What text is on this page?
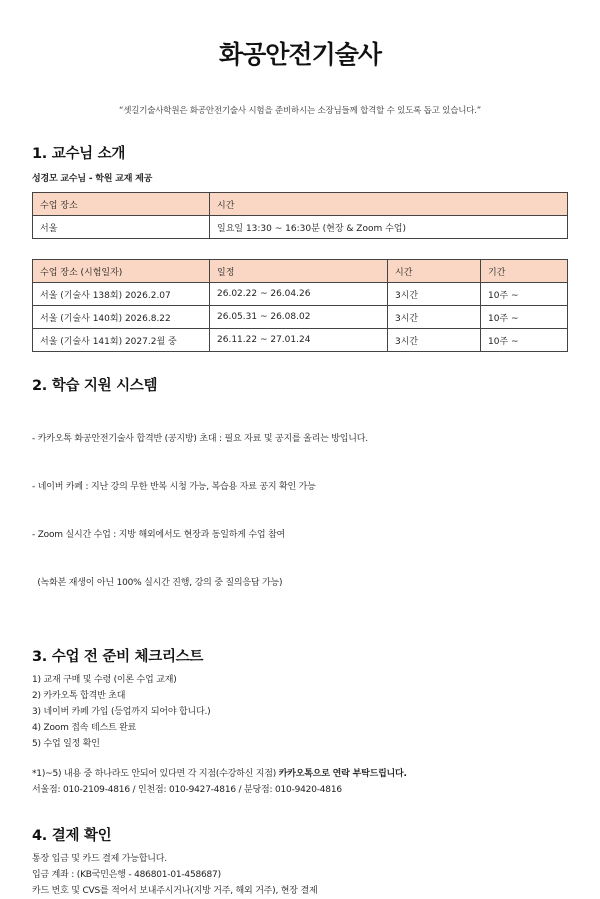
화공안전기술사
“셋길기술사학원은 화공안전기술사 시험을 준비하시는 소장님들께 합격할 수 있도록 돕고 있습니다.”
1. 교수님 소개
성경모 교수님 - 학원 교재 제공
수업 장소	시간
서울	일요일 13:30 ~ 16:30분 (현장 & Zoom 수업)
수업 장소 (시험일자)	일정	시간	기간
서울 (기술사 138회) 2026.2.07	26.02.22 ~ 26.04.26	3시간	10주 ~
서울 (기술사 140회) 2026.8.22	26.05.31 ~ 26.08.02	3시간	10주 ~
서울 (기술사 141회) 2027.2월 중	26.11.22 ~ 27.01.24	3시간	10주 ~
2. 학습 지원 시스템

- 카카오톡 화공안전기술사 합격반 (공지방) 초대 : 필요 자료 및 공지를 올리는 방입니다.

- 네이버 카페 : 지난 강의 무한 반복 시청 가능, 복습용 자료 공지 확인 가능

- Zoom 실시간 수업 : 지방 해외에서도 현장과 동일하게 수업 참여

(녹화본 재생이 아닌 100% 실시간 진행, 강의 중 질의응답 가능)

3. 수업 전 준비 체크리스트
1) 교재 구매 및 수령 (이론 수업 교재)
2) 카카오톡 합격반 초대
3) 네이버 카페 가입 (등업까지 되어야 합니다.)
4) Zoom 접속 테스트 완료
5) 수업 일정 확인
*1)~5) 내용 중 하나라도 안되어 있다면 각 지점(수강하신 지점) 카카오톡으로 연락 부탁드립니다.
서울점: 010-2109-4816 / 인천점: 010-9427-4816 / 분당점: 010-9420-4816
4. 결제 확인
통장 입금 및 카드 결제 가능합니다.
입금 계좌 : (KB국민은행 - 486801-01-458687)
카드 번호 및 CVS를 적어서 보내주시거나(지방 거주, 해외 거주), 현장 결제
